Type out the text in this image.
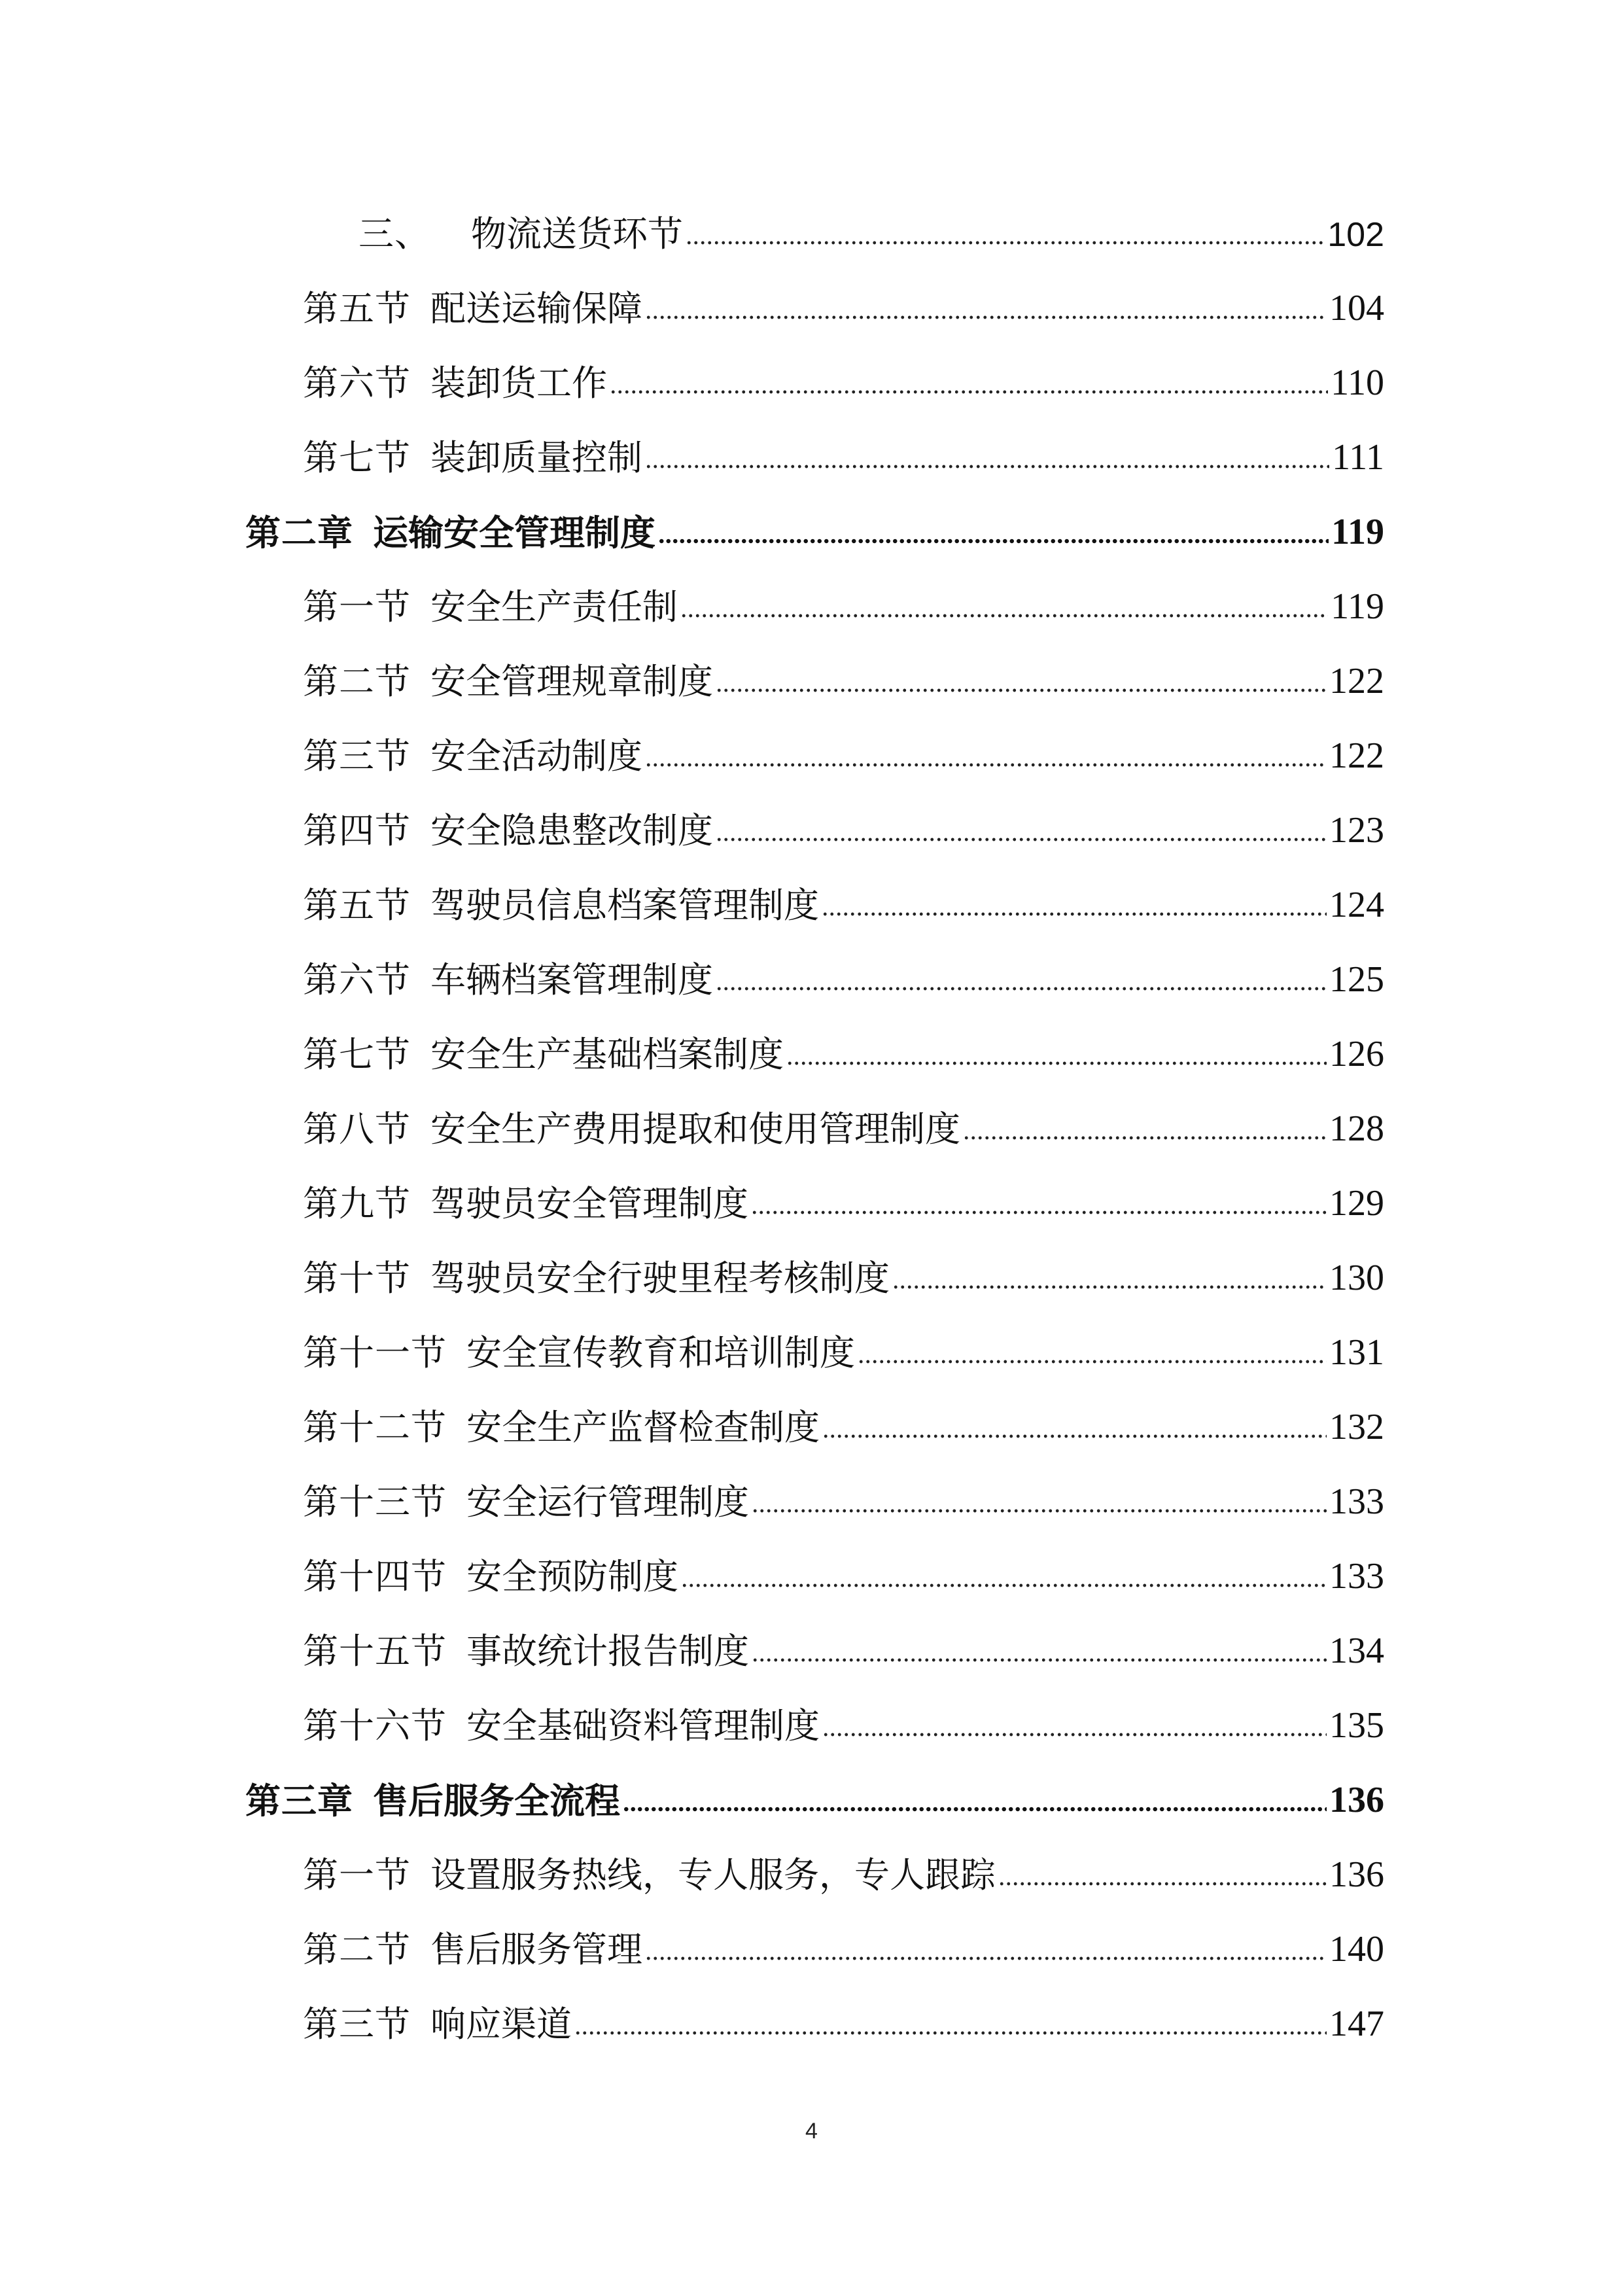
三、 物流送货环节	102
第五节 配送运输保障	104
第六节 装卸货工作	110
第七节 装卸质量控制	111
第二章 运输安全管理制度	119
第一节 安全生产责任制	119
第二节 安全管理规章制度	122
第三节 安全活动制度	122
第四节 安全隐患整改制度	123
第五节 驾驶员信息档案管理制度	124
第六节 车辆档案管理制度	125
第七节 安全生产基础档案制度	126
第八节 安全生产费用提取和使用管理制度	128
第九节 驾驶员安全管理制度	129
第十节 驾驶员安全行驶里程考核制度	130
第十一节 安全宣传教育和培训制度	131
第十二节 安全生产监督检查制度	132
第十三节 安全运行管理制度	133
第十四节 安全预防制度	133
第十五节 事故统计报告制度	134
第十六节 安全基础资料管理制度	135
第三章 售后服务全流程	136
第一节 设置服务热线，专人服务，专人跟踪	136
第二节 售后服务管理	140
第三节 响应渠道	147
4
